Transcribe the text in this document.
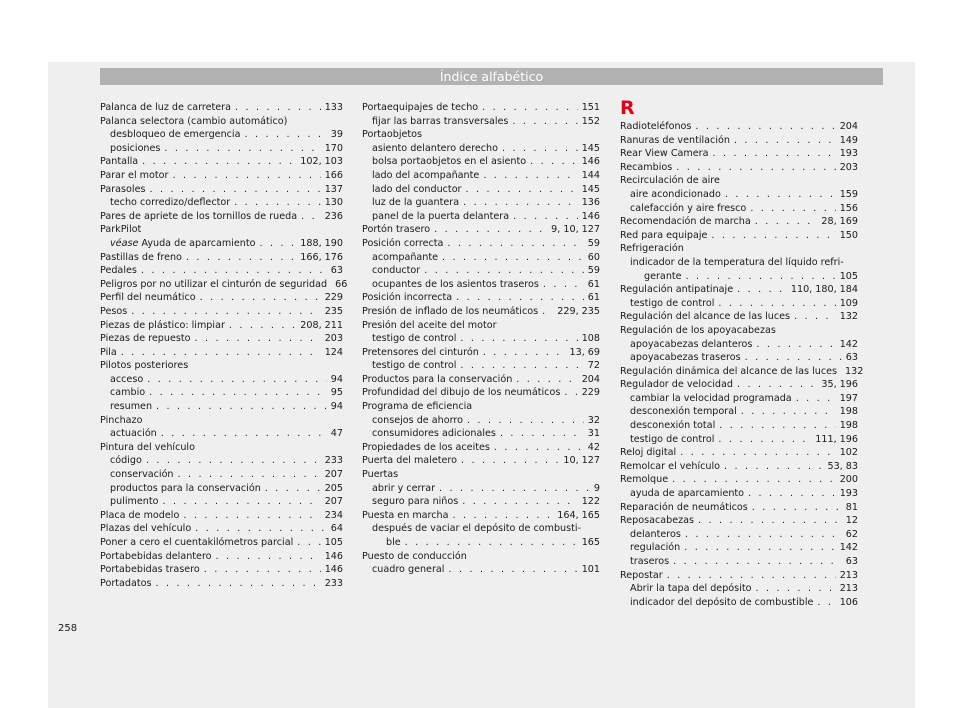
Índice alfabético
Palanca de luz de carretera . . .	133
Palanca selectora (cambio automático)
desbloqueo de emergencia . . .	39
posiciones . . .	170
Pantalla . . .	102, 103
Parar el motor . . .	166
Parasoles . . .	137
techo corredizo/deflector . . .	130
Pares de apriete de los tornillos de rueda . . .	236
ParkPilot
véase Ayuda de aparcamiento . . .	188, 190
Pastillas de freno . . .	166, 176
Pedales . . .	63
Peligros por no utilizar el cinturón de seguridad 66
Perfil del neumático . . .	229
Pesos . . .	235
Piezas de plástico: limpiar . . .	208, 211
Piezas de repuesto . . .	203
Pila . . .	124
Pilotos posteriores
acceso . . .	94
cambio . . .	95
resumen . . .	94
Pinchazo
actuación . . .	47
Pintura del vehículo
código . . .	233
conservación . . .	207
productos para la conservación . . .	205
pulimento . . .	207
Placa de modelo . . .	234
Plazas del vehículo . . .	64
Poner a cero el cuentakilómetros parcial . . .	105
Portabebidas delantero . . .	146
Portabebidas trasero . . .	146
Portadatos . . .	233
Portaequipajes de techo . . .	151
fijar las barras transversales . . .	152
Portaobjetos
asiento delantero derecho . . .	145
bolsa portaobjetos en el asiento . . .	146
lado del acompañante . . .	144
lado del conductor . . .	145
luz de la guantera . . .	136
panel de la puerta delantera . . .	146
Portón trasero . . .	9, 10, 127
Posición correcta . . .	59
acompañante . . .	60
conductor . . .	59
ocupantes de los asientos traseros . . .	61
Posición incorrecta . . .	61
Presión de inflado de los neumáticos . . . 229, 235
Presión del aceite del motor
testigo de control . . .	108
Pretensores del cinturón . . .	13, 69
testigo de control . . .	72
Productos para la conservación . . .	204
Profundidad del dibujo de los neumáticos . . . 229
Programa de eficiencia
consejos de ahorro . . .	32
consumidores adicionales . . .	31
Propiedades de los aceites . . .	42
Puerta del maletero . . .	10, 127
Puertas
abrir y cerrar . . .	9
seguro para niños . . .	122
Puesta en marcha . . .	164, 165
después de vaciar el depósito de combusti-
ble . . .	165
Puesto de conducción
cuadro general . . .	101
R
Radioteléfonos . . .	204
Ranuras de ventilación . . .	149
Rear View Camera . . .	193
Recambios . . .	203
Recirculación de aire
aire acondicionado . . .	159
calefacción y aire fresco . . .	156
Recomendación de marcha . . .	28, 169
Red para equipaje . . .	150
Refrigeración
indicador de la temperatura del líquido refri-
gerante . . .	105
Regulación antipatinaje . . .	110, 180, 184
testigo de control . . .	109
Regulación del alcance de las luces . . .	132
Regulación de los apoyacabezas
apoyacabezas delanteros . . .	142
apoyacabezas traseros . . .	63
Regulación dinámica del alcance de las luces 132
Regulador de velocidad . . .	35, 196
cambiar la velocidad programada . . .	197
desconexión temporal . . .	198
desconexión total . . .	198
testigo de control . . .	111, 196
Reloj digital . . .	102
Remolcar el vehículo . . .	53, 83
Remolque . . .	200
ayuda de aparcamiento . . .	193
Reparación de neumáticos . . .	81
Reposacabezas . . .	12
delanteros . . .	62
regulación . . .	142
traseros . . .	63
Repostar . . .	213
Abrir la tapa del depósito . . .	213
indicador del depósito de combustible . . .	106
258
